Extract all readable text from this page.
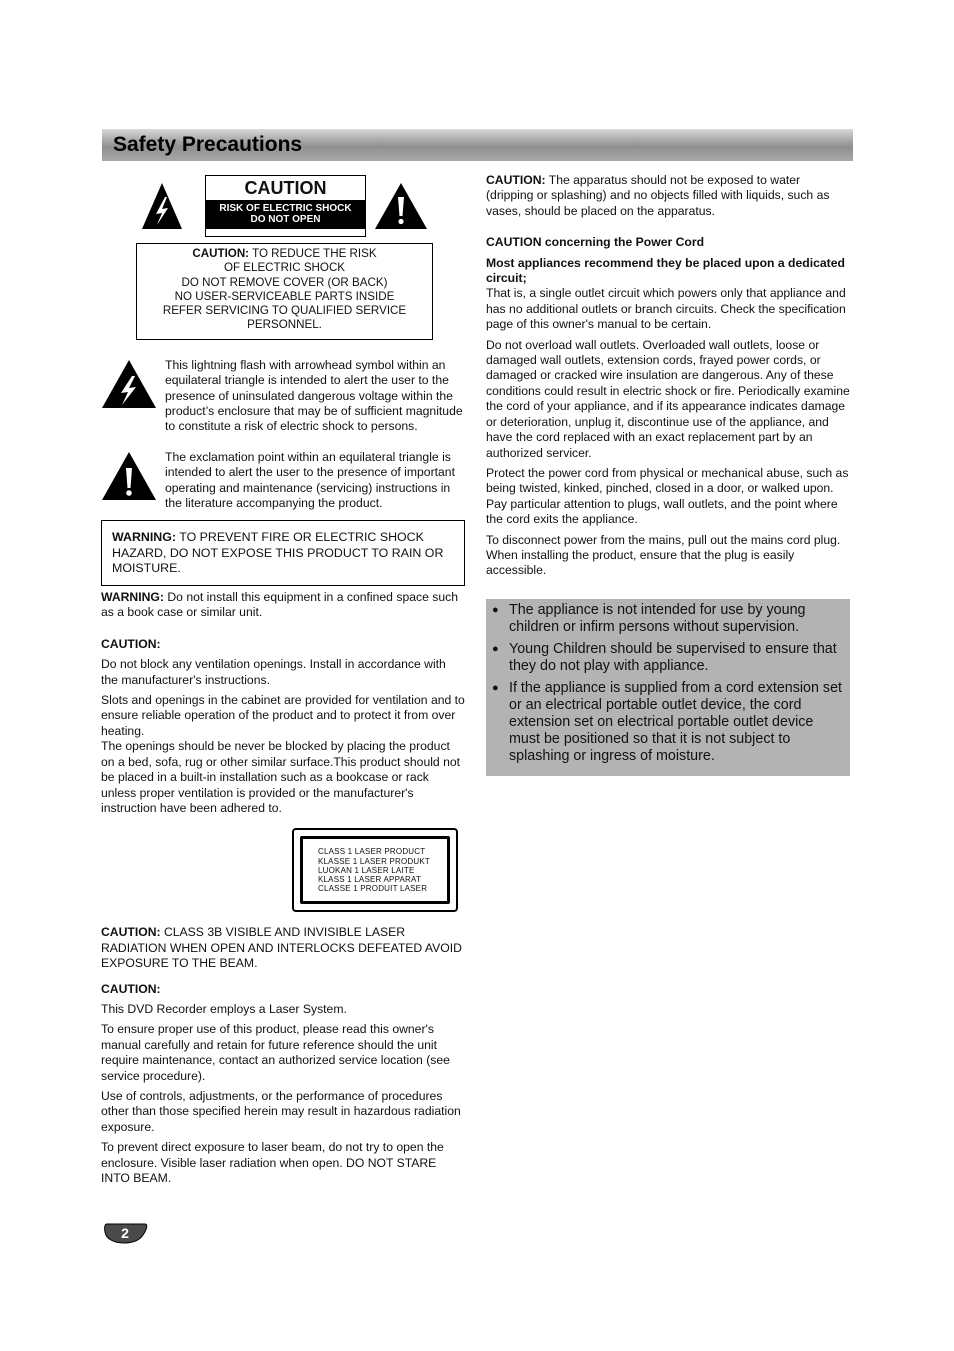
Safety Precautions
CAUTION
RISK OF ELECTRIC SHOCK
DO NOT OPEN
CAUTION: TO REDUCE THE RISK
OF ELECTRIC SHOCK
DO NOT REMOVE COVER (OR BACK)
NO USER-SERVICEABLE PARTS INSIDE
REFER SERVICING TO QUALIFIED SERVICE
PERSONNEL.

This lightning flash with arrowhead symbol within an equilateral triangle is intended to alert the user to the presence of uninsulated dangerous voltage within the product’s enclosure that may be of sufficient magnitude to constitute a risk of electric shock to persons.

The exclamation point within an equilateral triangle is intended to alert the user to the presence of important operating and maintenance (servicing) instructions in the literature accompanying the product.

WARNING: TO PREVENT FIRE OR ELECTRIC SHOCK HAZARD, DO NOT EXPOSE THIS PRODUCT TO RAIN OR MOISTURE.

WARNING: Do not install this equipment in a confined space such as a book case or similar unit.

CAUTION:

Do not block any ventilation openings. Install in accordance with the manufacturer's instructions.

Slots and openings in the cabinet are provided for ventilation and to ensure reliable operation of the product and to protect it from over heating.

The openings should be never be blocked by placing the product on a bed, sofa, rug or other similar surface.This product should not be placed in a built-in installation such as a bookcase or rack unless proper ventilation is provided or the manufacturer's instruction have been adhered to.

CLASS 1 LASER PRODUCT
KLASSE 1 LASER PRODUKT
LUOKAN 1 LASER LAITE
KLASS 1 LASER APPARAT
CLASSE 1 PRODUIT LASER

CAUTION: CLASS 3B VISIBLE AND INVISIBLE LASER RADIATION WHEN OPEN AND INTERLOCKS DEFEATED AVOID EXPOSURE TO THE BEAM.

CAUTION:

This DVD Recorder employs a Laser System.

To ensure proper use of this product, please read this owner's manual carefully and retain for future reference should the unit require maintenance, contact an authorized service location (see service procedure).

Use of controls, adjustments, or the performance of procedures other than those specified herein may result in hazardous radiation exposure.

To prevent direct exposure to laser beam, do not try to open the enclosure. Visible laser radiation when open. DO NOT STARE INTO BEAM.

CAUTION: The apparatus should not be exposed to water (dripping or splashing) and no objects filled with liquids, such as vases, should be placed on the apparatus.

CAUTION concerning the Power Cord

Most appliances recommend they be placed upon a dedicated circuit;

That is, a single outlet circuit which powers only that appliance and has no additional outlets or branch circuits. Check the specification page of this owner's manual to be certain.

Do not overload wall outlets. Overloaded wall outlets, loose or damaged wall outlets, extension cords, frayed power cords, or damaged or cracked wire insulation are dangerous. Any of these conditions could result in electric shock or fire. Periodically examine the cord of your appliance, and if its appearance indicates damage or deterioration, unplug it, discontinue use of the appliance, and have the cord replaced with an exact replacement part by an authorized servicer.

Protect the power cord from physical or mechanical abuse, such as being twisted, kinked, pinched, closed in a door, or walked upon. Pay particular attention to plugs, wall outlets, and the point where the cord exits the appliance.

To disconnect power from the mains, pull out the mains cord plug. When installing the product, ensure that the plug is easily accessible.

● The appliance is not intended for use by young children or infirm persons without supervision.
● Young Children should be supervised to ensure that they do not play with appliance.
● If the appliance is supplied from a cord extension set or an electrical portable outlet device, the cord extension set on electrical portable outlet device must be positioned so that it is not subject to splashing or ingress of moisture.
2
